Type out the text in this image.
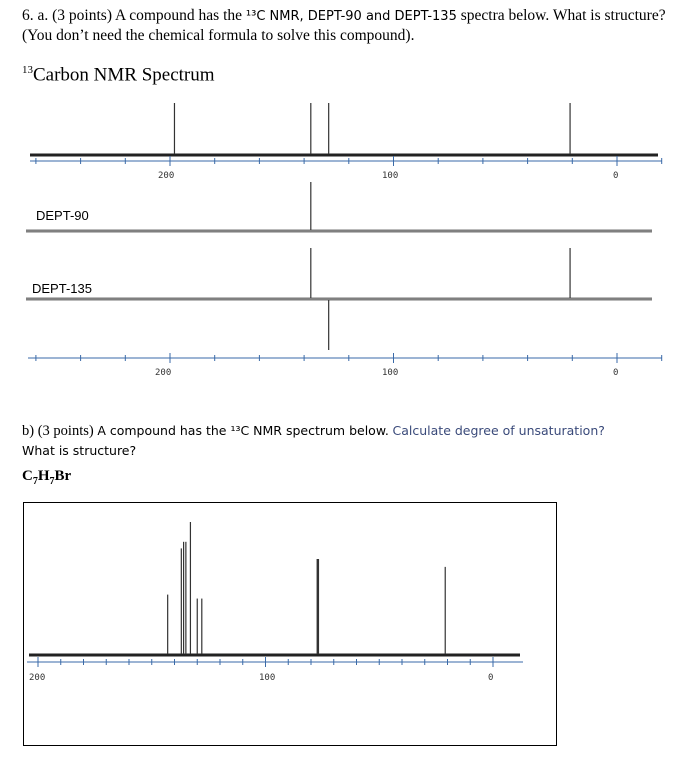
6. a. (3 points) A compound has the ¹³C NMR, DEPT-90 and DEPT-135 spectra below. What is structure? (You don’t need the chemical formula to solve this compound).
$^{13}$Carbon NMR Spectrum
DEPT-90
DEPT-135
200	100	0
200	100	0
b) (3 points) A compound has the ¹³C NMR spectrum below. Calculate degree of unsaturation?
What is structure?
$C_7H_7Br$
200	100	0
